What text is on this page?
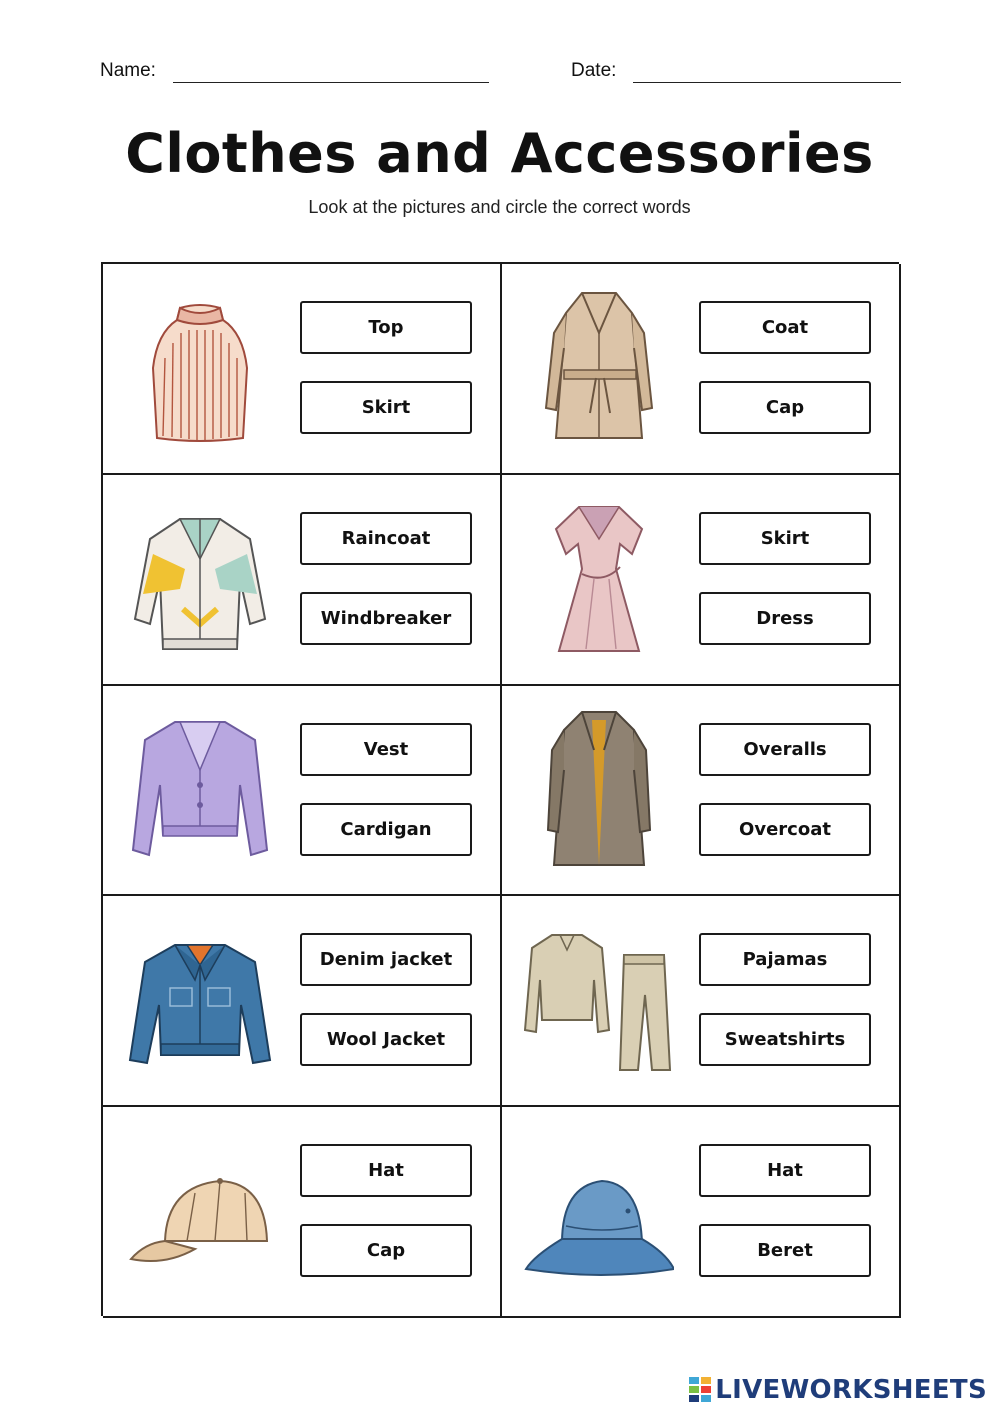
Name:	Date:
Clothes and Accessories
Look at the pictures and circle the correct words
Top
Skirt
Coat
Cap
Raincoat
Windbreaker
Skirt
Dress
Vest
Cardigan
Overalls
Overcoat
Denim jacket
Wool Jacket
Pajamas
Sweatshirts
Hat
Cap
Hat
Beret
LIVEWORKSHEETS
